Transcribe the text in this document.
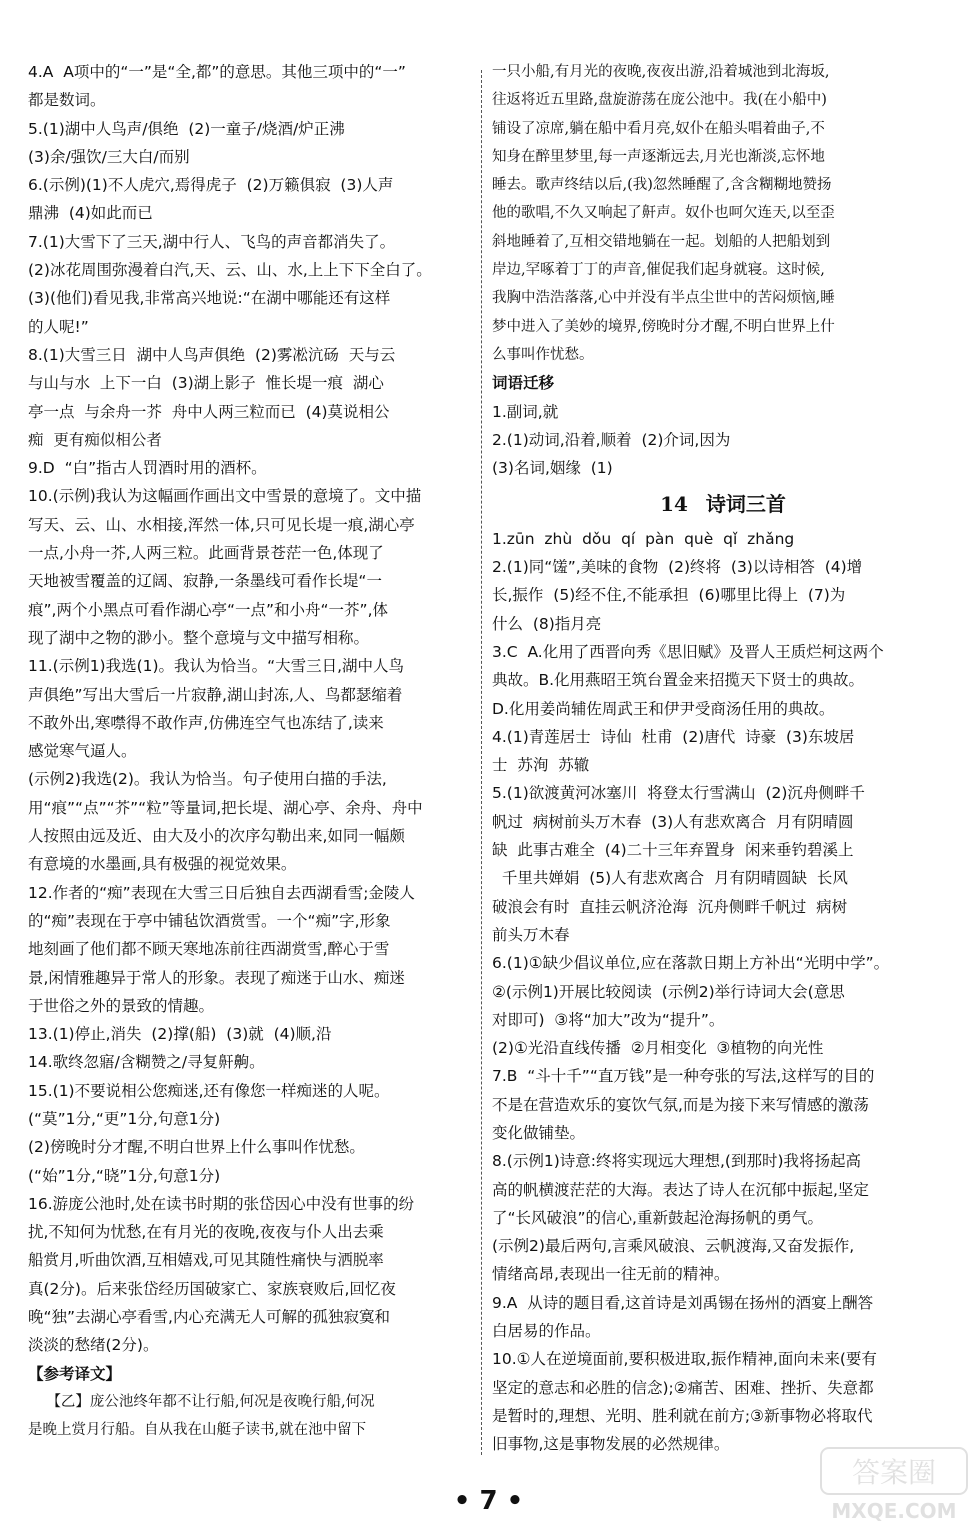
4.A  A项中的“一”是“全,都”的意思。其他三项中的“一”
都是数词。
5.(1)湖中人鸟声/俱绝  (2)一童子/烧酒/炉正沸
(3)余/强饮/三大白/而别
6.(示例)(1)不人虎穴,焉得虎子  (2)万籁俱寂  (3)人声
鼎沸  (4)如此而已
7.(1)大雪下了三天,湖中行人、飞鸟的声音都消失了。
(2)冰花周围弥漫着白汽,天、云、山、水,上上下下全白了。
(3)(他们)看见我,非常高兴地说:“在湖中哪能还有这样
的人呢!”
8.(1)大雪三日  湖中人鸟声俱绝  (2)雾凇沆砀  天与云
与山与水  上下一白  (3)湖上影子  惟长堤一痕  湖心
亭一点  与余舟一芥  舟中人两三粒而已  (4)莫说相公
痴  更有痴似相公者
9.D  “白”指古人罚酒时用的酒杯。
10.(示例)我认为这幅画作画出文中雪景的意境了。文中描
写天、云、山、水相接,浑然一体,只可见长堤一痕,湖心亭
一点,小舟一芥,人两三粒。此画背景苍茫一色,体现了
天地被雪覆盖的辽阔、寂静,一条墨线可看作长堤“一
痕”,两个小黑点可看作湖心亭“一点”和小舟“一芥”,体
现了湖中之物的渺小。整个意境与文中描写相称。
11.(示例1)我选(1)。我认为恰当。“大雪三日,湖中人鸟
声俱绝”写出大雪后一片寂静,湖山封冻,人、鸟都瑟缩着
不敢外出,寒噤得不敢作声,仿佛连空气也冻结了,读来
感觉寒气逼人。
(示例2)我选(2)。我认为恰当。句子使用白描的手法,
用“痕”“点”“芥”“粒”等量词,把长堤、湖心亭、余舟、舟中
人按照由远及近、由大及小的次序勾勒出来,如同一幅颇
有意境的水墨画,具有极强的视觉效果。
12.作者的“痴”表现在大雪三日后独自去西湖看雪;金陵人
的“痴”表现在于亭中铺毡饮酒赏雪。一个“痴”字,形象
地刻画了他们都不顾天寒地冻前往西湖赏雪,醉心于雪
景,闲情雅趣异于常人的形象。表现了痴迷于山水、痴迷
于世俗之外的景致的情趣。
13.(1)停止,消失  (2)撑(船)  (3)就  (4)顺,沿
14.歌终忽寤/含糊赞之/寻复鼾齁。
15.(1)不要说相公您痴迷,还有像您一样痴迷的人呢。
(“莫”1分,“更”1分,句意1分)
(2)傍晚时分才醒,不明白世界上什么事叫作忧愁。
(“始”1分,“晓”1分,句意1分)
16.游庞公池时,处在读书时期的张岱因心中没有世事的纷
扰,不知何为忧愁,在有月光的夜晚,夜夜与仆人出去乘
船赏月,听曲饮酒,互相嬉戏,可见其随性痛快与洒脱率
真(2分)。后来张岱经历国破家亡、家族衰败后,回忆夜
晚“独”去湖心亭看雪,内心充满无人可解的孤独寂寞和
淡淡的愁绪(2分)。
【参考译文】
【乙】庞公池终年都不让行船,何况是夜晚行船,何况
是晚上赏月行船。自从我在山艇子读书,就在池中留下
一只小船,有月光的夜晚,夜夜出游,沿着城池到北海坂,
往返将近五里路,盘旋游荡在庞公池中。我(在小船中)
铺设了凉席,躺在船中看月亮,奴仆在船头唱着曲子,不
知身在醉里梦里,每一声逐渐远去,月光也渐淡,忘怀地
睡去。歌声终结以后,(我)忽然睡醒了,含含糊糊地赞扬
他的歌唱,不久又响起了鼾声。奴仆也呵欠连天,以至歪
斜地睡着了,互相交错地躺在一起。划船的人把船划到
岸边,罕啄着丁丁的声音,催促我们起身就寝。这时候,
我胸中浩浩落落,心中并没有半点尘世中的苦闷烦恼,睡
梦中进入了美妙的境界,傍晚时分才醒,不明白世界上什
么事叫作忧愁。
词语迁移
1.副词,就
2.(1)动词,沿着,顺着  (2)介词,因为
(3)名词,姻缘  (1)
14 诗词三首
1.zūn  zhù  dǒu  qí  pàn  què  qǐ  zhǎng
2.(1)同“馐”,美味的食物  (2)终将  (3)以诗相答  (4)增
长,振作  (5)经不住,不能承担  (6)哪里比得上  (7)为
什么  (8)指月亮
3.C  A.化用了西晋向秀《思旧赋》及晋人王质烂柯这两个
典故。B.化用燕昭王筑台置金来招揽天下贤士的典故。
D.化用姜尚辅佐周武王和伊尹受商汤任用的典故。
4.(1)青莲居士  诗仙  杜甫  (2)唐代  诗豪  (3)东坡居
士  苏洵  苏辙
5.(1)欲渡黄河冰塞川  将登太行雪满山  (2)沉舟侧畔千
帆过  病树前头万木春  (3)人有悲欢离合  月有阴晴圆
缺  此事古难全  (4)二十三年弃置身  闲来垂钓碧溪上
千里共婵娟  (5)人有悲欢离合  月有阴晴圆缺  长风
破浪会有时  直挂云帆济沧海  沉舟侧畔千帆过  病树
前头万木春
6.(1)①缺少倡议单位,应在落款日期上方补出“光明中学”。
②(示例1)开展比较阅读  (示例2)举行诗词大会(意思
对即可)  ③将“加大”改为“提升”。
(2)①光沿直线传播  ②月相变化  ③植物的向光性
7.B  “斗十千”“直万钱”是一种夸张的写法,这样写的目的
不是在营造欢乐的宴饮气氛,而是为接下来写情感的激荡
变化做铺垫。
8.(示例1)诗意:终将实现远大理想,(到那时)我将扬起高
高的帆横渡茫茫的大海。表达了诗人在沉郁中振起,坚定
了“长风破浪”的信心,重新鼓起沧海扬帆的勇气。
(示例2)最后两句,言乘风破浪、云帆渡海,又奋发振作,
情绪高昂,表现出一往无前的精神。
9.A  从诗的题目看,这首诗是刘禹锡在扬州的酒宴上酬答
白居易的作品。
10.①人在逆境面前,要积极进取,振作精神,面向未来(要有
坚定的意志和必胜的信念);②痛苦、困难、挫折、失意都
是暂时的,理想、光明、胜利就在前方;③新事物必将取代
旧事物,这是事物发展的必然规律。
• 7 •
答案圈
MXQE.COM
